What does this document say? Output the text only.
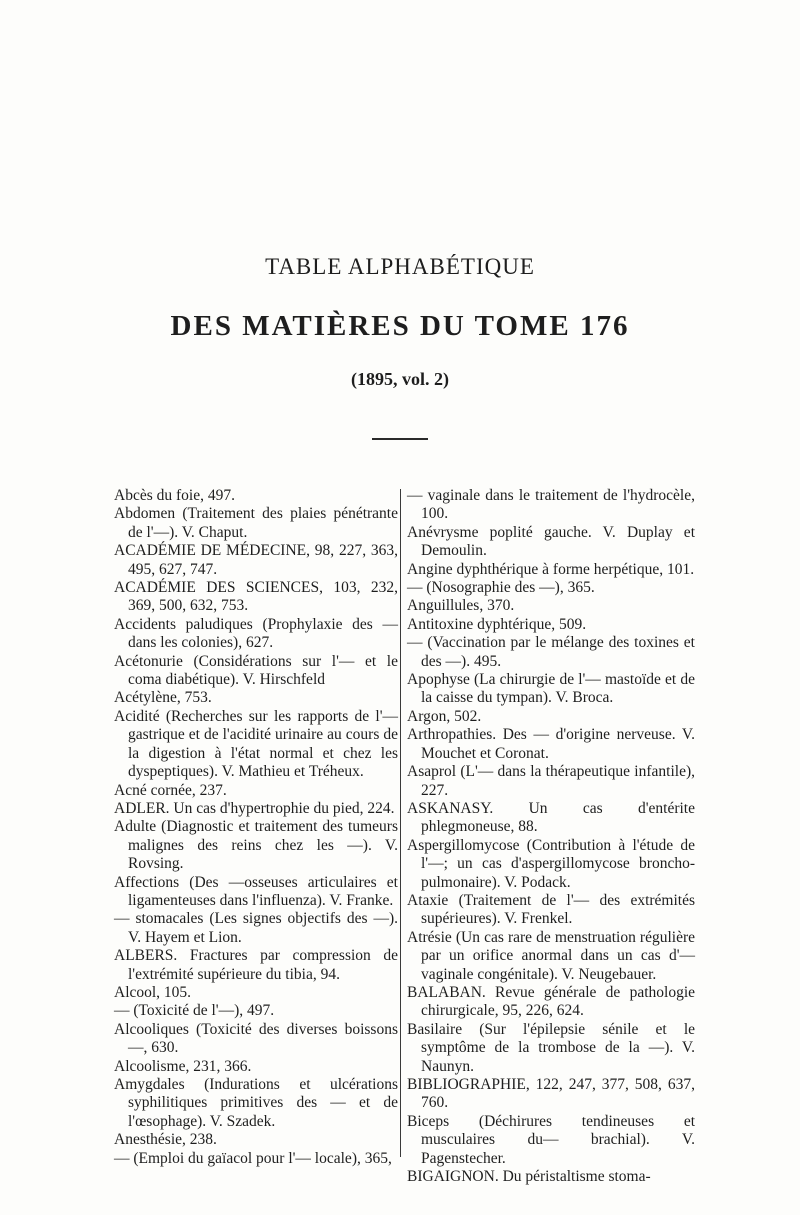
TABLE ALPHABÉTIQUE
DES MATIÈRES DU TOME 176
(1895, vol. 2)
Abcès du foie, 497.
Abdomen (Traitement des plaies pénétrante de l'—). V. Chaput.
ACADÉMIE DE MÉDECINE, 98, 227, 363, 495, 627, 747.
ACADÉMIE DES SCIENCES, 103, 232, 369, 500, 632, 753.
Accidents paludiques (Prophylaxie des — dans les colonies), 627.
Acétonurie (Considérations sur l'— et le coma diabétique). V. Hirschfeld
Acétylène, 753.
Acidité (Recherches sur les rapports de l'— gastrique et de l'acidité urinaire au cours de la digestion à l'état normal et chez les dyspeptiques). V. Mathieu et Tréheux.
Acné cornée, 237.
ADLER. Un cas d'hypertrophie du pied, 224.
Adulte (Diagnostic et traitement des tumeurs malignes des reins chez les —). V. Rovsing.
Affections (Des —osseuses articulaires et ligamenteuses dans l'influenza). V. Franke.
— stomacales (Les signes objectifs des —). V. Hayem et Lion.
ALBERS. Fractures par compression de l'extrémité supérieure du tibia, 94.
Alcool, 105.
— (Toxicité de l'—), 497.
Alcooliques (Toxicité des diverses boissons —, 630.
Alcoolisme, 231, 366.
Amygdales (Indurations et ulcérations syphilitiques primitives des — et de l'œsophage). V. Szadek.
Anesthésie, 238.
— (Emploi du gaïacol pour l'— locale), 365,
— vaginale dans le traitement de l'hydrocèle, 100.
Anévrysme poplité gauche. V. Duplay et Demoulin.
Angine dyphthérique à forme herpétique, 101.
— (Nosographie des —), 365.
Anguillules, 370.
Antitoxine dyphtérique, 509.
— (Vaccination par le mélange des toxines et des —). 495.
Apophyse (La chirurgie de l'— mastoïde et de la caisse du tympan). V. Broca.
Argon, 502.
Arthropathies. Des — d'origine nerveuse. V. Mouchet et Coronat.
Asaprol (L'— dans la thérapeutique infantile), 227.
ASKANASY. Un cas d'entérite phlegmoneuse, 88.
Aspergillomycose (Contribution à l'étude de l'—; un cas d'aspergillomycose broncho-pulmonaire). V. Podack.
Ataxie (Traitement de l'— des extrémités supérieures). V. Frenkel.
Atrésie (Un cas rare de menstruation régulière par un orifice anormal dans un cas d'— vaginale congénitale). V. Neugebauer.
BALABAN. Revue générale de pathologie chirurgicale, 95, 226, 624.
Basilaire (Sur l'épilepsie sénile et le symptôme de la trombose de la —). V. Naunyn.
BIBLIOGRAPHIE, 122, 247, 377, 508, 637, 760.
Biceps (Déchirures tendineuses et musculaires du— brachial). V. Pagenstecher.
BIGAIGNON. Du péristaltisme stoma-
